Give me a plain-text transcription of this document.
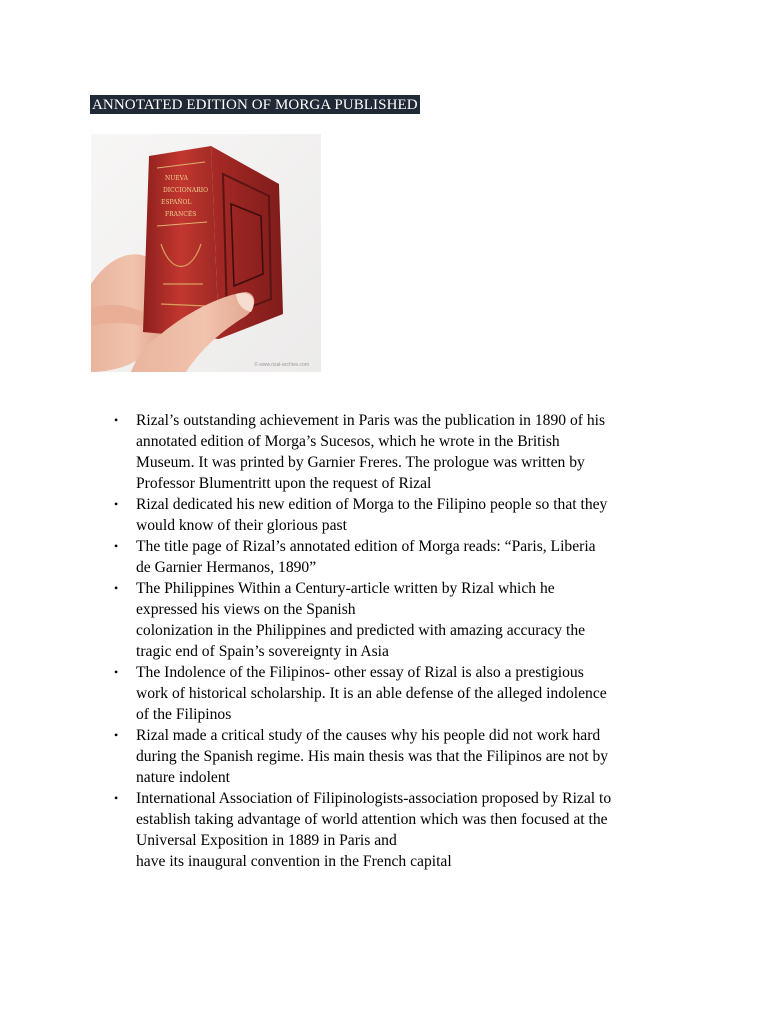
ANNOTATED EDITION OF MORGA PUBLISHED
NUEVA
DICCIONARIO
ESPAÑOL
FRANCÉS
© www.rizal-archive.com
•	Rizal’s outstanding achievement in Paris was the publication in 1890 of his
annotated edition of Morga’s Sucesos, which he wrote in the British
Museum. It was printed by Garnier Freres. The prologue was written by
Professor Blumentritt upon the request of Rizal
•	Rizal dedicated his new edition of Morga to the Filipino people so that they
would know of their glorious past
•	The title page of Rizal’s annotated edition of Morga reads: “Paris, Liberia
de Garnier Hermanos, 1890”
•	The Philippines Within a Century-article written by Rizal which he
expressed his views on the Spanish
colonization in the Philippines and predicted with amazing accuracy the
tragic end of Spain’s sovereignty in Asia
•	The Indolence of the Filipinos- other essay of Rizal is also a prestigious
work of historical scholarship. It is an able defense of the alleged indolence
of the Filipinos
•	Rizal made a critical study of the causes why his people did not work hard
during the Spanish regime. His main thesis was that the Filipinos are not by
nature indolent
•	International Association of Filipinologists-association proposed by Rizal to
establish taking advantage of world attention which was then focused at the
Universal Exposition in 1889 in Paris and
have its inaugural convention in the French capital
